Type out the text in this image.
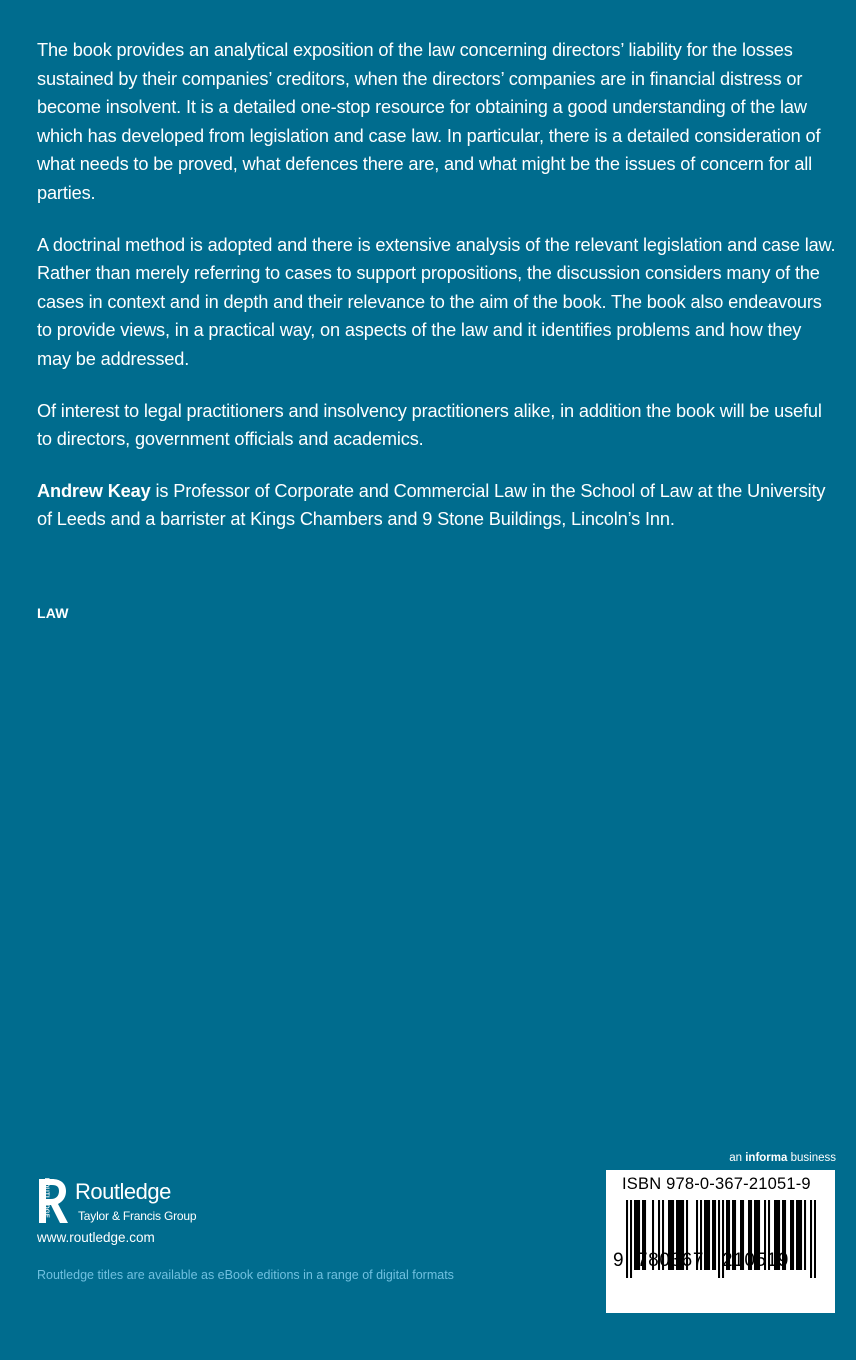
The book provides an analytical exposition of the law concerning directors’ liability for the losses sustained by their companies’ creditors, when the directors’ companies are in financial distress or become insolvent. It is a detailed one-stop resource for obtaining a good understanding of the law which has developed from legislation and case law. In particular, there is a detailed consideration of what needs to be proved, what defences there are, and what might be the issues of concern for all parties.

A doctrinal method is adopted and there is extensive analysis of the relevant legislation and case law. Rather than merely referring to cases to support propositions, the discussion considers many of the cases in context and in depth and their relevance to the aim of the book. The book also endeavours to provide views, in a practical way, on aspects of the law and it identifies problems and how they may be addressed.

Of interest to legal practitioners and insolvency practitioners alike, in addition the book will be useful to directors, government officials and academics.

Andrew Keay is Professor of Corporate and Commercial Law in the School of Law at the University of Leeds and a barrister at Kings Chambers and 9 Stone Buildings, Lincoln’s Inn.

LAW
an informa business
ROUTLEDGE Routledge
Taylor & Francis Group
www.routledge.com
Routledge titles are available as eBook editions in a range of digital formats
ISBN 978-0-367-21051-9
9 780367 210519
